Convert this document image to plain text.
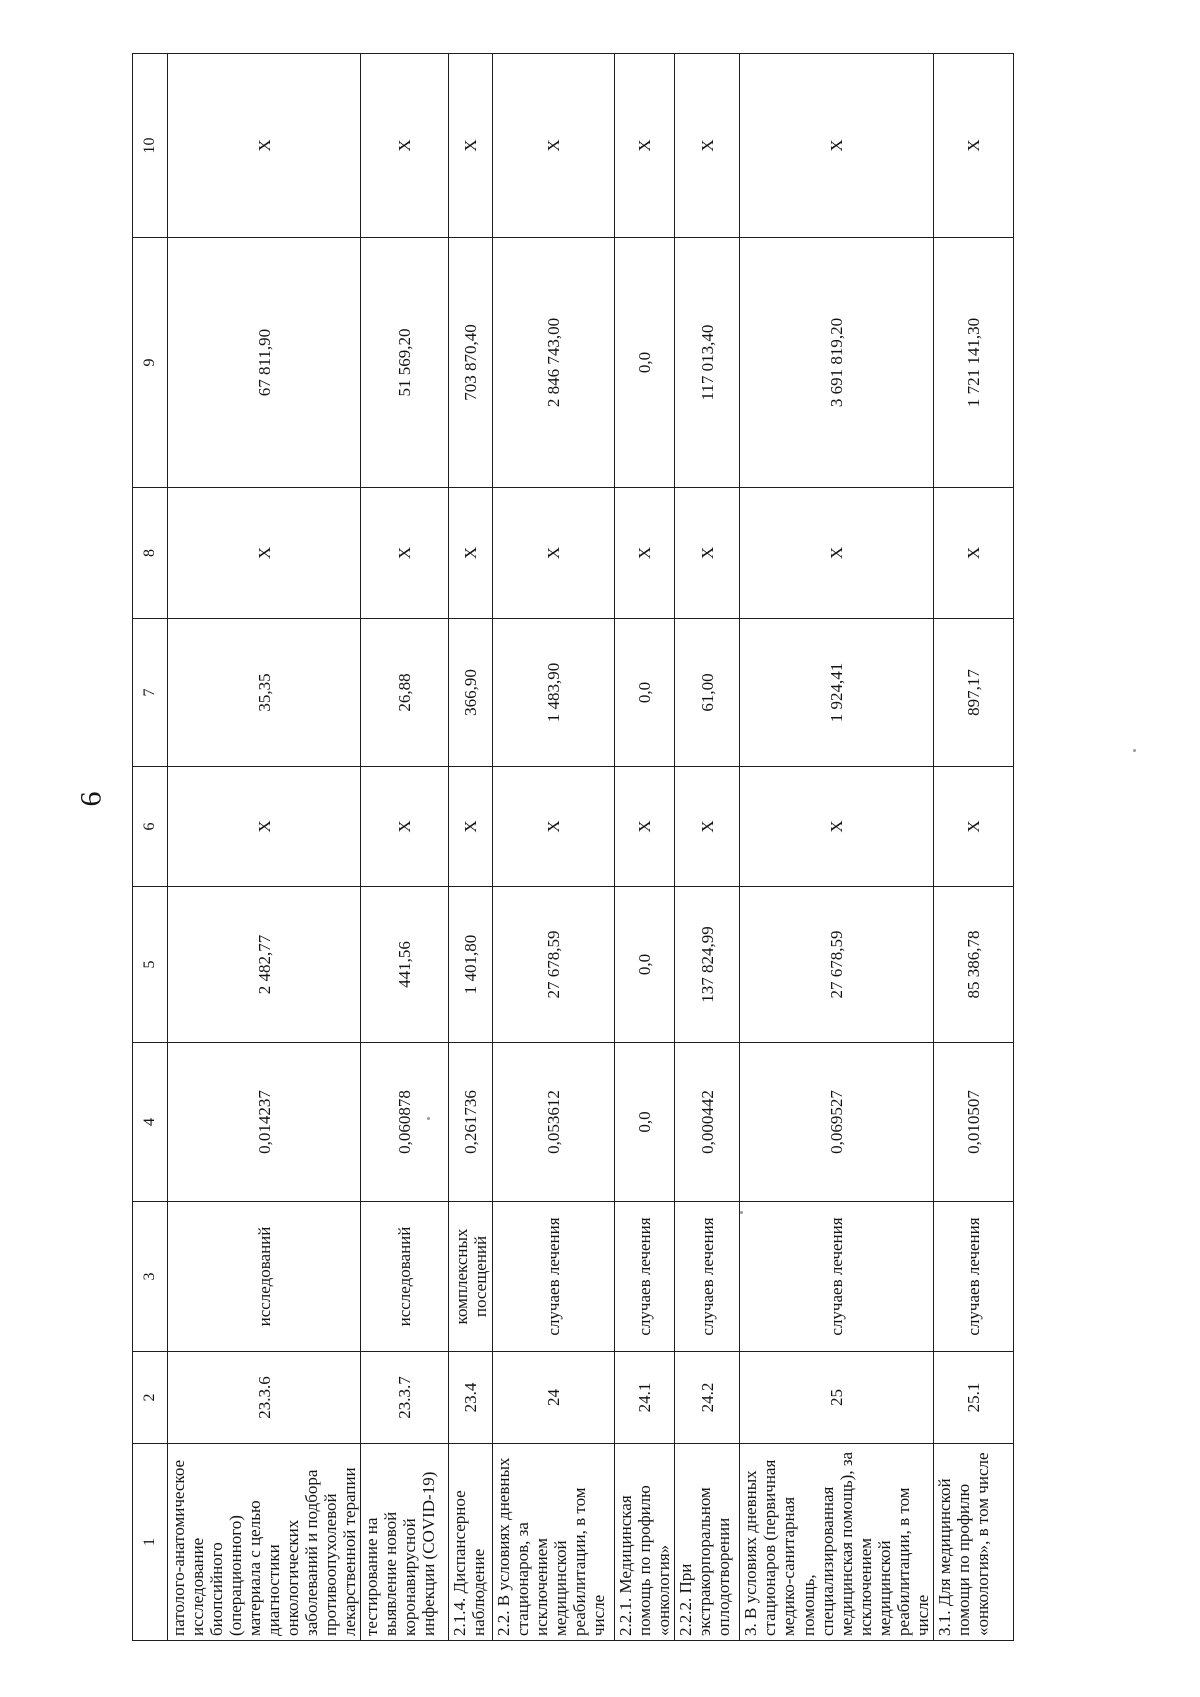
6
1	2	3	4	5	6	7	8	9	10
патолого-анатомическое исследование биопсийного (операционного) материала с целью диагностики онкологических заболеваний и подбора противоопухолевой лекарственной терапии	23.3.6	исследований	0,014237	2 482,77	X	35,35	X	67 811,90	X
тестирование на выявление новой коронавирусной инфекции (COVID-19)	23.3.7	исследований	0,060878	441,56	X	26,88	X	51 569,20	X
2.1.4. Диспансерное наблюдение	23.4	комплексных посещений	0,261736	1 401,80	X	366,90	X	703 870,40	X
2.2. В условиях дневных стационаров, за исключением медицинской реабилитации, в том числе	24	случаев лечения	0,053612	27 678,59	X	1 483,90	X	2 846 743,00	X
2.2.1. Медицинская помощь по профилю «онкология»	24.1	случаев лечения	0,0	0,0	X	0,0	X	0,0	X
2.2.2. При экстракорпоральном оплодотворении	24.2	случаев лечения	0,000442	137 824,99	X	61,00	X	117 013,40	X
3. В условиях дневных стационаров (первичная медико-санитарная помощь, специализированная медицинская помощь), за исключением медицинской реабилитации, в том числе	25	случаев лечения	0,069527	27 678,59	X	1 924,41	X	3 691 819,20	X
3.1. Для медицинской помощи по профилю «онкология», в том числе	25.1	случаев лечения	0,010507	85 386,78	X	897,17	X	1 721 141,30	X
